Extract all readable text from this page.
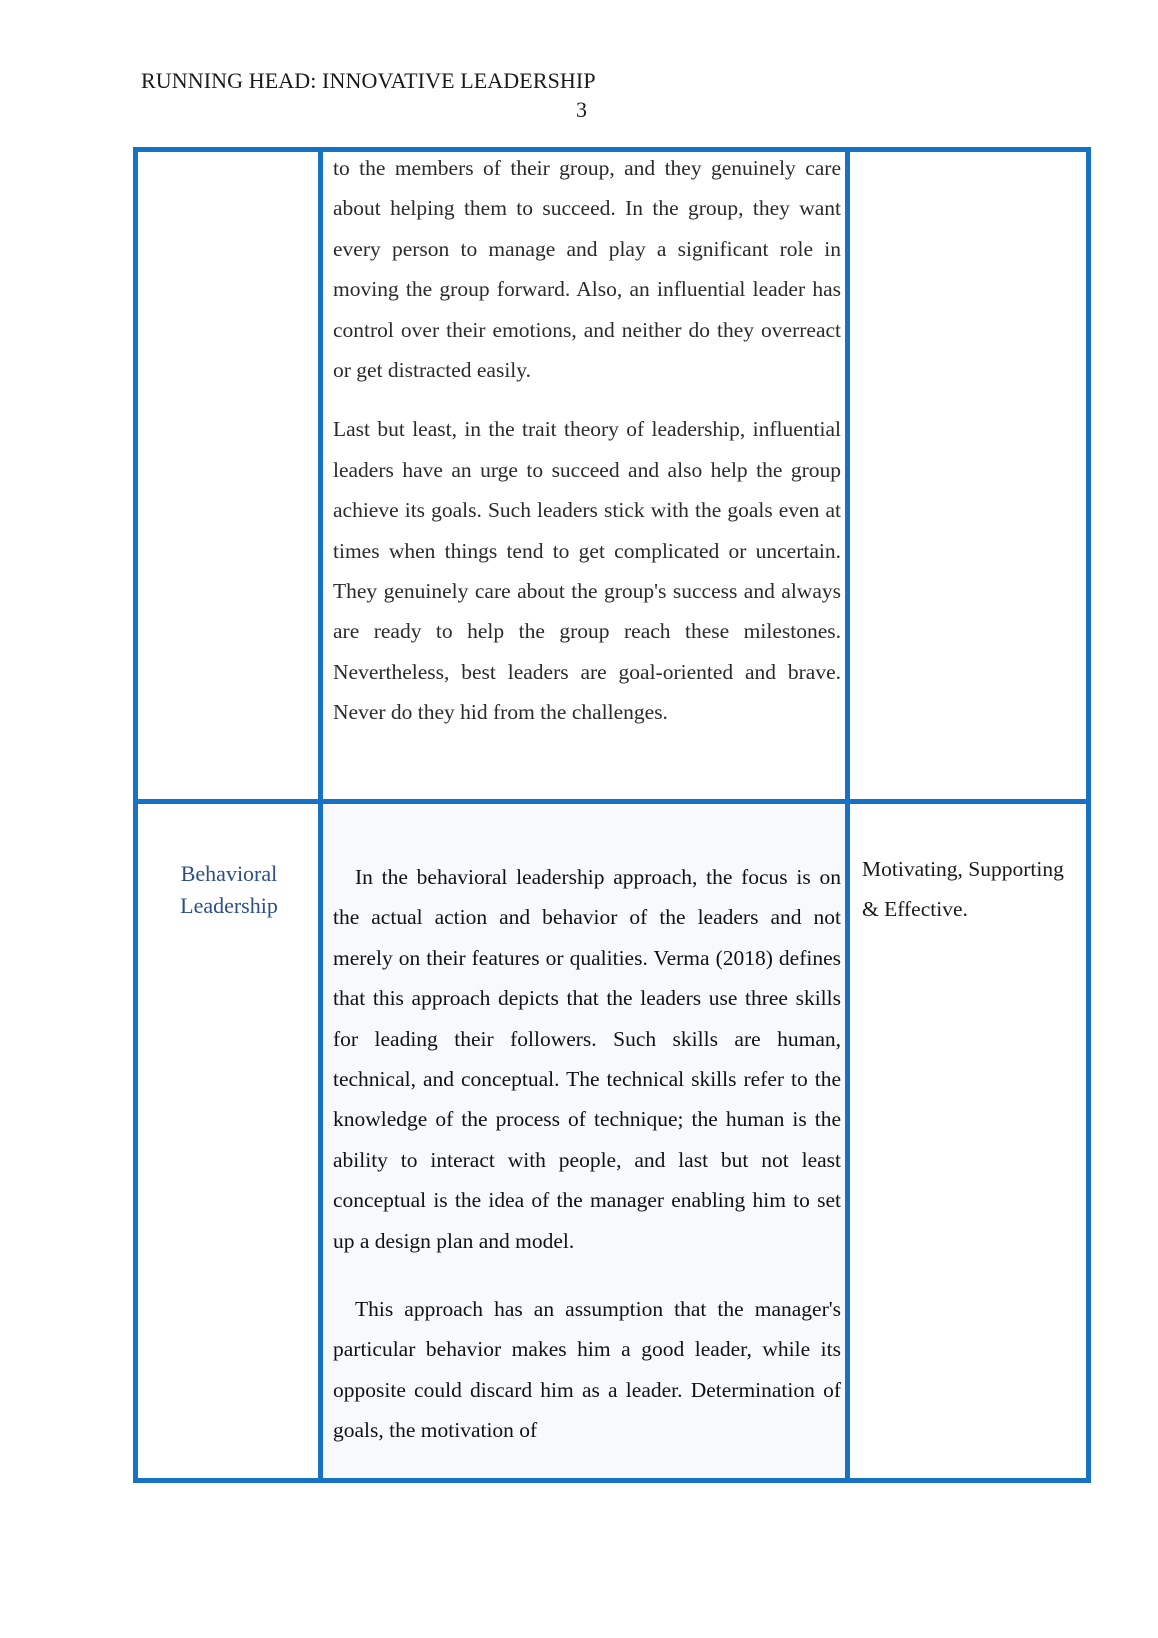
RUNNING HEAD: INNOVATIVE LEADERSHIP
3

to the members of their group, and they genuinely care about helping them to succeed. In the group, they want every person to manage and play a significant role in moving the group forward. Also, an influential leader has control over their emotions, and neither do they overreact or get distracted easily.

Last but least, in the trait theory of leadership, influential leaders have an urge to succeed and also help the group achieve its goals. Such leaders stick with the goals even at times when things tend to get complicated or uncertain. They genuinely care about the group's success and always are ready to help the group reach these milestones. Nevertheless, best leaders are goal-oriented and brave. Never do they hid from the challenges.

Behavioral Leadership

In the behavioral leadership approach, the focus is on the actual action and behavior of the leaders and not merely on their features or qualities. Verma (2018) defines that this approach depicts that the leaders use three skills for leading their followers. Such skills are human, technical, and conceptual. The technical skills refer to the knowledge of the process of technique; the human is the ability to interact with people, and last but not least conceptual is the idea of the manager enabling him to set up a design plan and model.

This approach has an assumption that the manager's particular behavior makes him a good leader, while its opposite could discard him as a leader. Determination of goals, the motivation of

Motivating, Supporting & Effective.
